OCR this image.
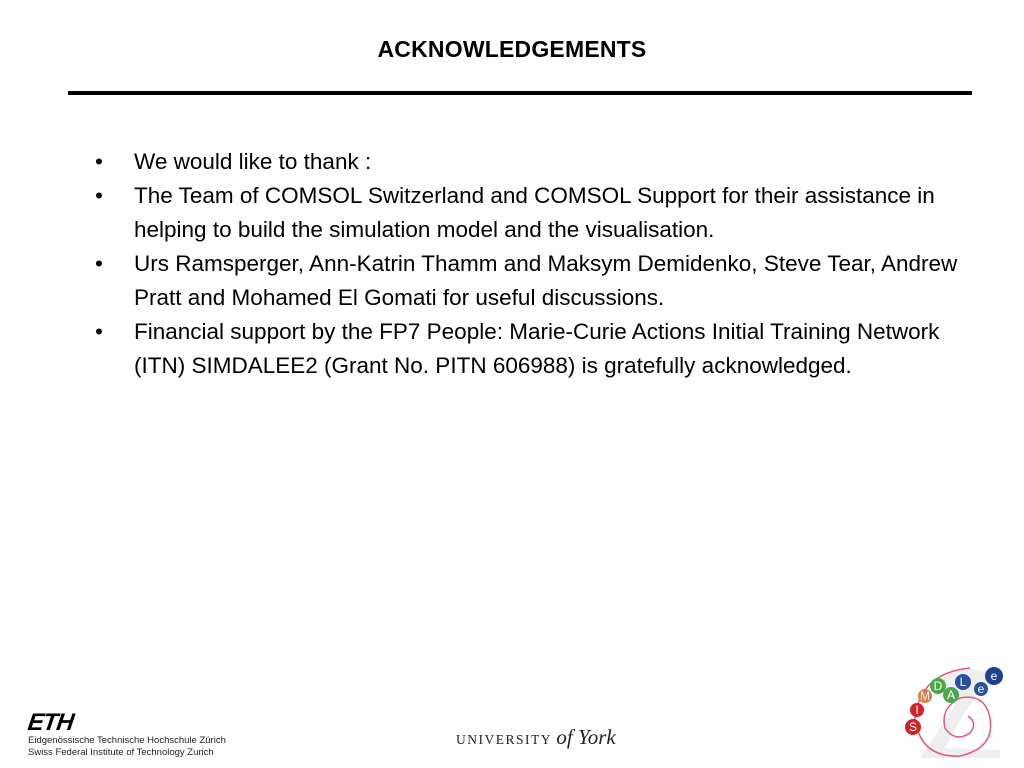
ACKNOWLEDGEMENTS
• We would like to thank :
• The Team of COMSOL Switzerland and COMSOL Support for their assistance in helping to build the simulation model and the visualisation.
• Urs Ramsperger, Ann-Katrin Thamm and Maksym Demidenko, Steve Tear, Andrew Pratt and Mohamed El Gomati for useful discussions.
• Financial support by the FP7 People: Marie-Curie Actions Initial Training Network (ITN) SIMDALEE2 (Grant No. PITN 606988) is gratefully acknowledged.
ETH
Eidgenössische Technische Hochschule Zürich
Swiss Federal Institute of Technology Zurich
UNIVERSITY of York	S
I
M
D
A
L e
e
